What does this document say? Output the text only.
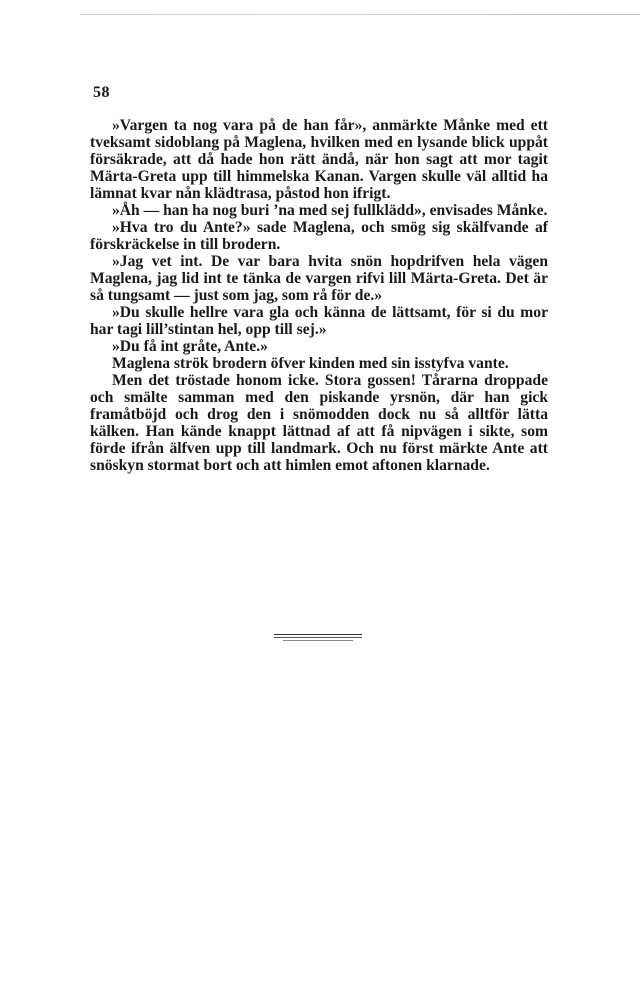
58

»Vargen ta nog vara på de han får», anmärkte Månke med ett tveksamt sidoblang på Maglena, hvilken med en lysande blick uppåt försäkrade, att då hade hon rätt ändå, när hon sagt att mor tagit Märta-Greta upp till himmelska Kanan. Vargen skulle väl alltid ha lämnat kvar nån klädtrasa, påstod hon ifrigt.

»Åh — han ha nog buri ’na med sej fullklädd», envisades Månke.

»Hva tro du Ante?» sade Maglena, och smög sig skälfvande af förskräckelse in till brodern.

»Jag vet int. De var bara hvita snön hopdrifven hela vägen Maglena, jag lid int te tänka de vargen rifvi lill Märta-Greta. Det är så tungsamt — just som jag, som rå för de.»

»Du skulle hellre vara gla och känna de lättsamt, för si du mor har tagi lill’stintan hel, opp till sej.»

»Du få int gråte, Ante.»

Maglena strök brodern öfver kinden med sin isstyfva vante.

Men det tröstade honom icke. Stora gossen! Tårarna droppade och smälte samman med den piskande yrsnön, där han gick framåtböjd och drog den i snömodden dock nu så alltför lätta kälken. Han kände knappt lättnad af att få nipvägen i sikte, som förde ifrån älfven upp till landmark. Och nu först märkte Ante att snöskyn stormat bort och att himlen emot aftonen klarnade.
